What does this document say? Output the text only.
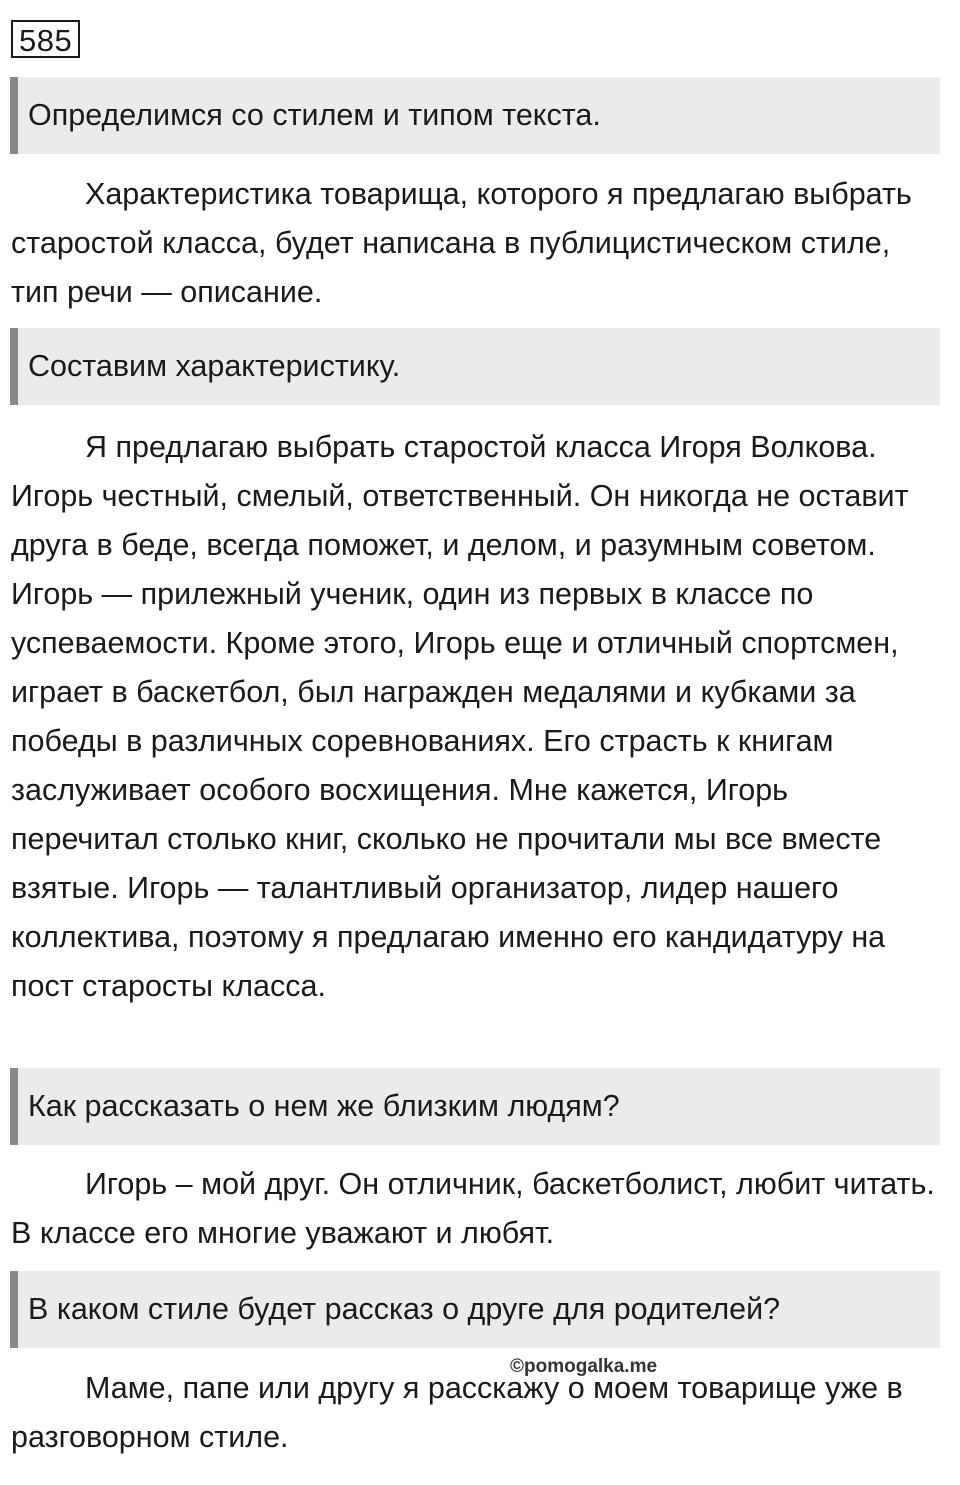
585
Определимся со стилем и типом текста.

Характеристика товарища, которого я предлагаю выбрать старостой класса, будет написана в публицистическом стиле, тип речи — описание.

Составим характеристику.

Я предлагаю выбрать старостой класса Игоря Волкова. Игорь честный, смелый, ответственный. Он никогда не оставит друга в беде, всегда поможет, и делом, и разумным советом. Игорь — прилежный ученик, один из первых в классе по успеваемости. Кроме этого, Игорь еще и отличный спортсмен, играет в баскетбол, был награжден медалями и кубками за победы в различных соревнованиях. Его страсть к книгам заслуживает особого восхищения. Мне кажется, Игорь перечитал столько книг, сколько не прочитали мы все вместе взятые. Игорь — талантливый организатор, лидер нашего коллектива, поэтому я предлагаю именно его кандидатуру на пост старосты класса.

Как рассказать о нем же близким людям?

Игорь – мой друг. Он отличник, баскетболист, любит читать. В классе его многие уважают и любят.

В каком стиле будет рассказ о друге для родителей?
©pomogalka.me

Маме, папе или другу я расскажу о моем товарище уже в разговорном стиле.
